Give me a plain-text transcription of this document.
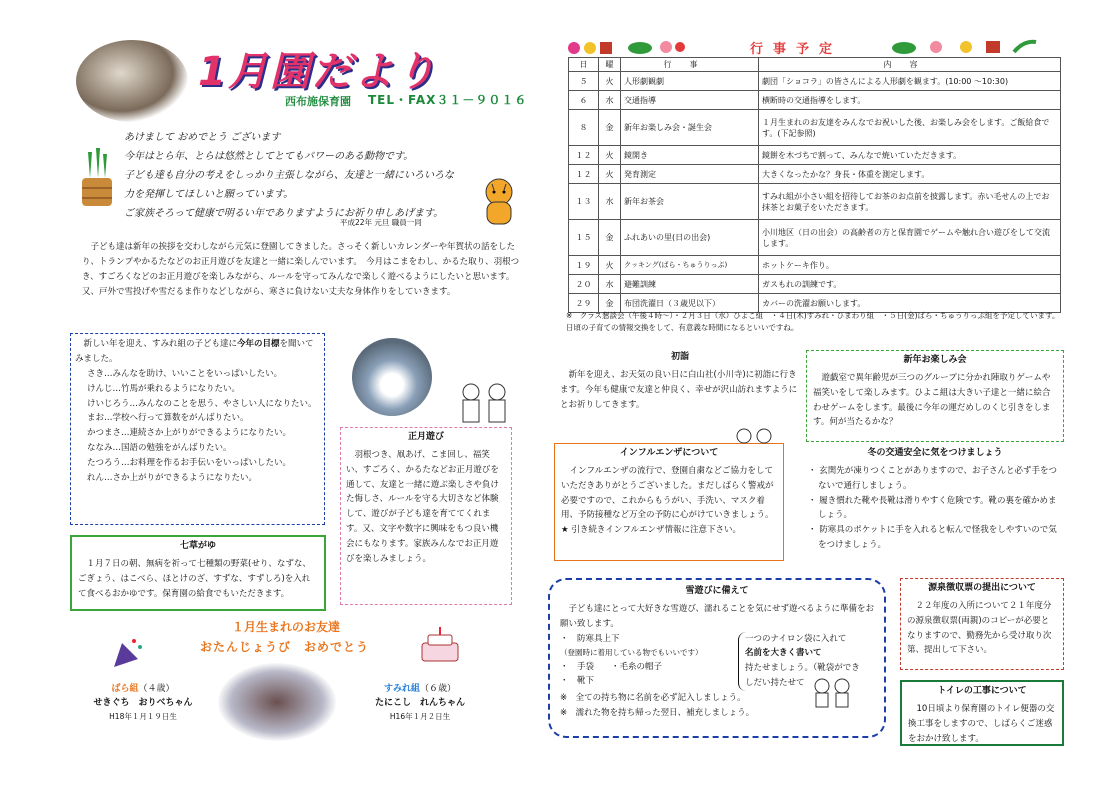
1月園だより
西布施保育園 TEL・FAX３１－９０１６
あけまして おめでとう ございます
今年はとら年、とらは悠然としてとてもパワーのある動物です。
子ども達も自分の考えをしっかり主張しながら、友達と一緒にいろいろな
力を発揮してほしいと願っています。
ご家族そろって健康で明るい年でありますようにお祈り申しあげます。
平成22年 元旦 職員一同
子ども達は新年の挨拶を交わしながら元気に登園してきました。さっそく新しいカレンダーや年賀状の話をしたり、トランプやかるたなどのお正月遊びを友達と一緒に楽しんでいます。　今月はこまをわし、かるた取り、羽根つき、すごろくなどのお正月遊びを楽しみながら、ルールを守ってみんなで楽しく遊べるようにしたいと思います。又、戸外で雪投げや雪だるま作りなどしながら、寒さに負けない丈夫な身体作りをしていきます。
新しい年を迎え、すみれ組の子ども達に今年の目標を聞いてみました。
さき…みんなを助け、いいことをいっぱいしたい。
けんじ…竹馬が乗れるようになりたい。
けいじろう…みんなのことを思う、やさしい人になりたい。
まお…学校へ行って算数をがんばりたい。
かつまさ…連続さか上がりができるようになりたい。
ななみ…国語の勉強をがんばりたい。
たつろう…お料理を作るお手伝いをいっぱいしたい。
れん…さか上がりができるようになりたい。
正月遊び
羽根つき、凧あげ、こま回し、福笑い、すごろく、かるたなどお正月遊びを通して、友達と一緒に遊ぶ楽しさや負けた悔しさ、ルールを守る大切さなど体験して、遊びが子ども達を育ててくれます。又、文字や数字に興味をもつ良い機会にもなります。家族みんなでお正月遊びを楽しみましょう。
七草がゆ
１月７日の朝、無病を祈って七種類の野菜(せり、なずな、ごぎょう、はこべら、ほとけのざ、すずな、すずしろ)を入れて食べるおかゆです。保育園の給食でもいただきます。
１月生まれのお友達
おたんじょうび　おめでとう
ばら組（４歳）
せきぐち　おりべちゃん
H18年１月１９日生
すみれ組（６歳）
たにこし　れんちゃん
H16年１月２日生
行事予定
日	曜	行事	内容
５	火	人形劇観劇	劇団「ショコラ」の皆さんによる人形劇を観ます。(10:00 ～10:30)
６	水	交通指導	横断時の交通指導をします。
８	金	新年お楽しみ会・誕生会	１月生まれのお友達をみんなでお祝いした後、お楽しみ会をします。ご飯給食です。(下記参照)
１２	火	鏡開き	鏡餅を木づちで割って、みんなで焼いていただきます。
１２	火	発育測定	大きくなったかな？身長・体重を測定します。
１３	水	新年お茶会	すみれ組が小さい組を招待してお茶のお点前を披露します。赤い毛せんの上でお抹茶とお菓子をいただきます。
１５	金	ふれあいの里(日の出会)	小川地区（日の出会）の高齢者の方と保育園でゲームや触れ合い遊びをして交流します。
１９	火	クッキング(ばら・ちゅうりっぷ)	ホットケーキ作り。
２０	水	避難訓練	ガスもれの訓練です。
２９	金	布団洗濯日（３歳児以下）	カバーの洗濯お願いします。
※　クラス懇談会（午後４時～）・２月３日（水）ひよこ組　・４日(木)すみれ・ひまわり組　・５日(金)ばら・ちゅうりっぷ組を予定しています。日頃の子育ての情報交換をして、有意義な時間になるといいですね。
初詣
新年を迎え、お天気の良い日に白山社(小川寺)に初詣に行きます。今年も健康で友達と仲良く、幸せが沢山訪れますようにとお祈りしてきます。
新年お楽しみ会
遊戯室で異年齢児が三つのグループに分かれ陣取りゲームや福笑いをして楽しみます。ひよこ組は大きい子達と一緒に絵合わせゲームをします。最後に今年の運だめしのくじ引きをします。何が当たるかな？
インフルエンザについて
インフルエンザの流行で、登園自粛などご協力をしていただきありがとうございました。まだしばらく警戒が必要ですので、これからもうがい、手洗い、マスク着用、予防接種など万全の予防に心がけていきましょう。
★ 引き続きインフルエンザ情報に注意下さい。
冬の交通安全に気をつけましょう
・ 玄関先が凍りつくことがありますので、お子さんと必ず手をつないで通行しましょう。
・ 履き慣れた靴や長靴は滑りやすく危険です。靴の裏を確かめましょう。
・ 防寒具のポケットに手を入れると転んで怪我をしやすいので気をつけましょう。
雪遊びに備えて
子ども達にとって大好きな雪遊び、濡れることを気にせず遊べるように準備をお願い致します。
・　防寒具上下
（登園時に着用している物でもいいです）
・　手袋　　・毛糸の帽子
・　靴下
一つのナイロン袋に入れて
名前を大きく書いて
持たせましょう。（靴袋ができしだい持たせて
※　全ての持ち物に名前を必ず記入しましょう。
※　濡れた物を持ち帰った翌日、補充しましょう。
源泉徴収票の提出について
２２年度の入所について２１年度分の源泉徴収票(両親)のコピーが必要となりますので、勤務先から受け取り次第、提出して下さい。
トイレの工事について
10日頃より保育園のトイレ便器の交換工事をしますので、しばらくご迷惑をおかけ致します。
